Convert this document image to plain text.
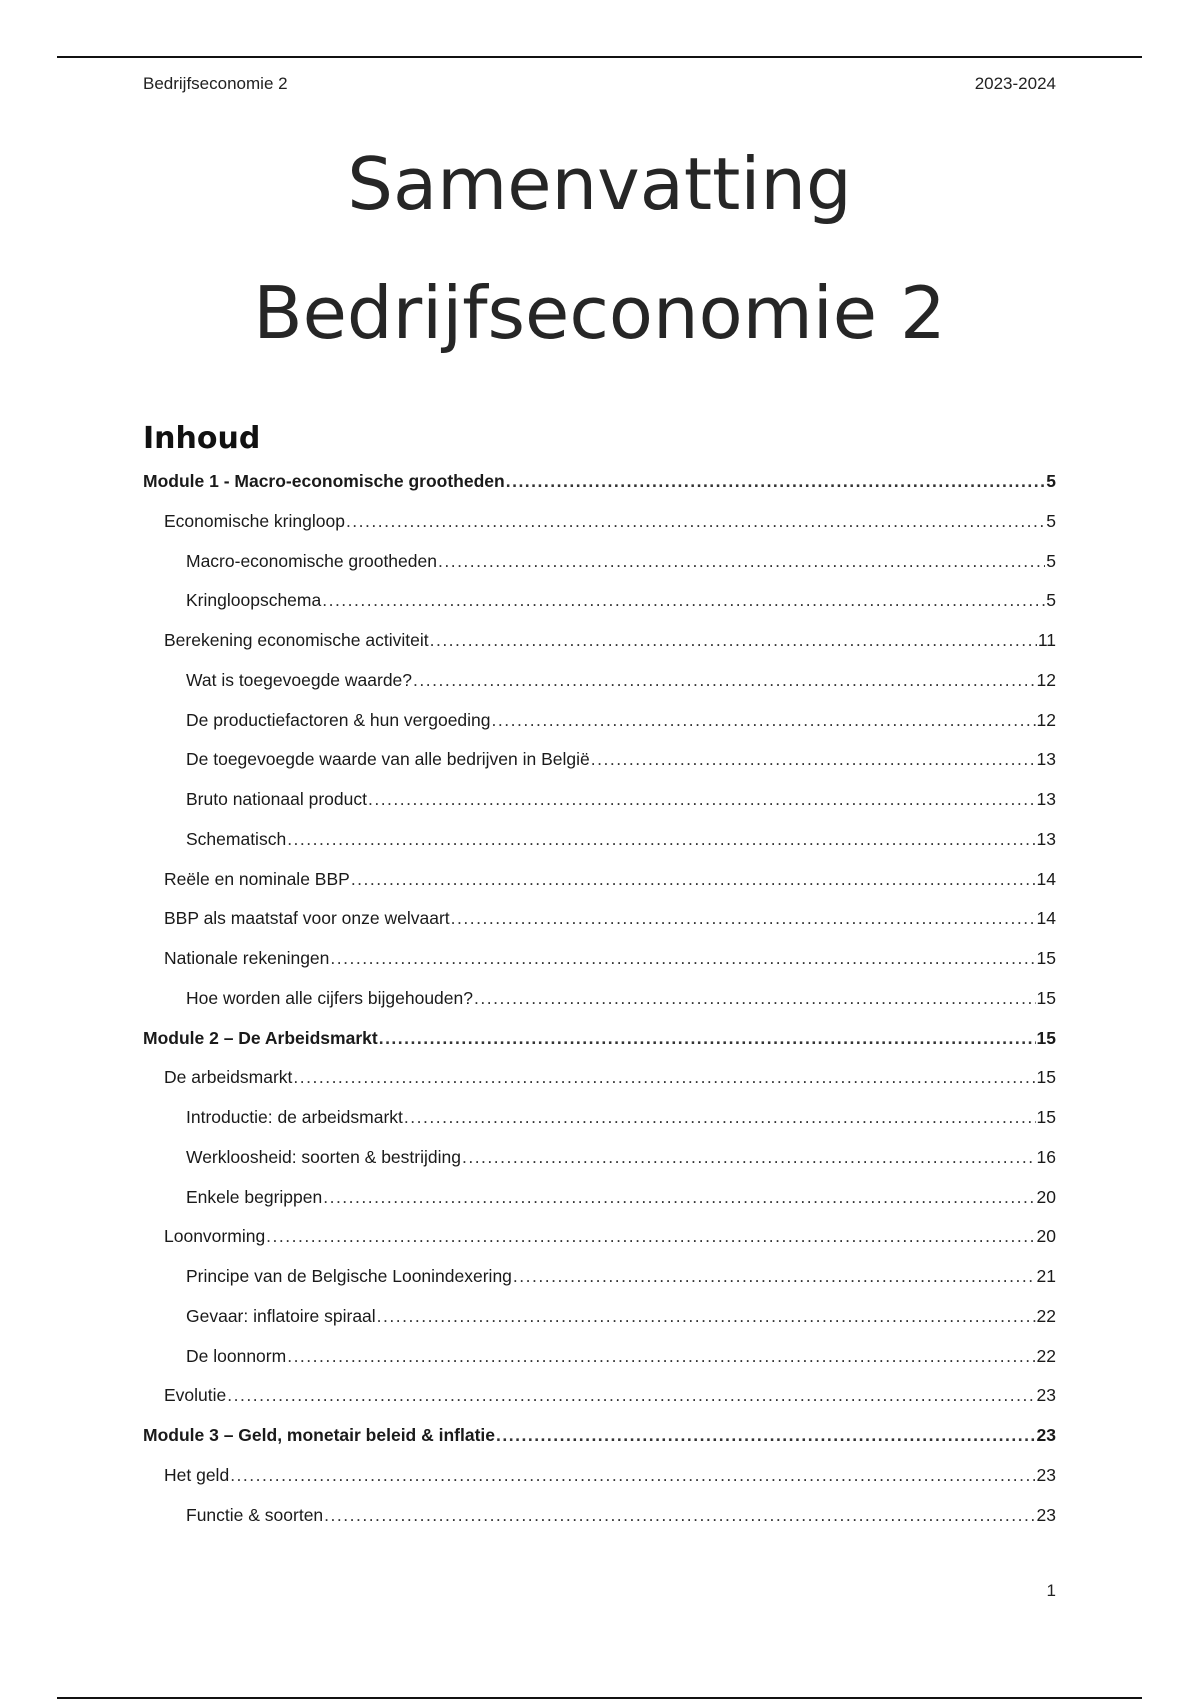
Bedrijfseconomie 2	2023-2024
Samenvatting
Bedrijfseconomie 2
Inhoud
Module 1 - Macro-economische grootheden .....	5
Economische kringloop .....	5
Macro-economische grootheden .....	5
Kringloopschema .....	5
Berekening economische activiteit .....	11
Wat is toegevoegde waarde? .....	12
De productiefactoren & hun vergoeding .....	12
De toegevoegde waarde van alle bedrijven in België .....	13
Bruto nationaal product .....	13
Schematisch .....	13
Reële en nominale BBP .....	14
BBP als maatstaf voor onze welvaart .....	14
Nationale rekeningen .....	15
Hoe worden alle cijfers bijgehouden? .....	15
Module 2 – De Arbeidsmarkt .....	15
De arbeidsmarkt .....	15
Introductie: de arbeidsmarkt .....	15
Werkloosheid: soorten & bestrijding .....	16
Enkele begrippen .....	20
Loonvorming .....	20
Principe van de Belgische Loonindexering .....	21
Gevaar: inflatoire spiraal .....	22
De loonnorm .....	22
Evolutie .....	23
Module 3 – Geld, monetair beleid & inflatie .....	23
Het geld .....	23
Functie & soorten .....	23
1
